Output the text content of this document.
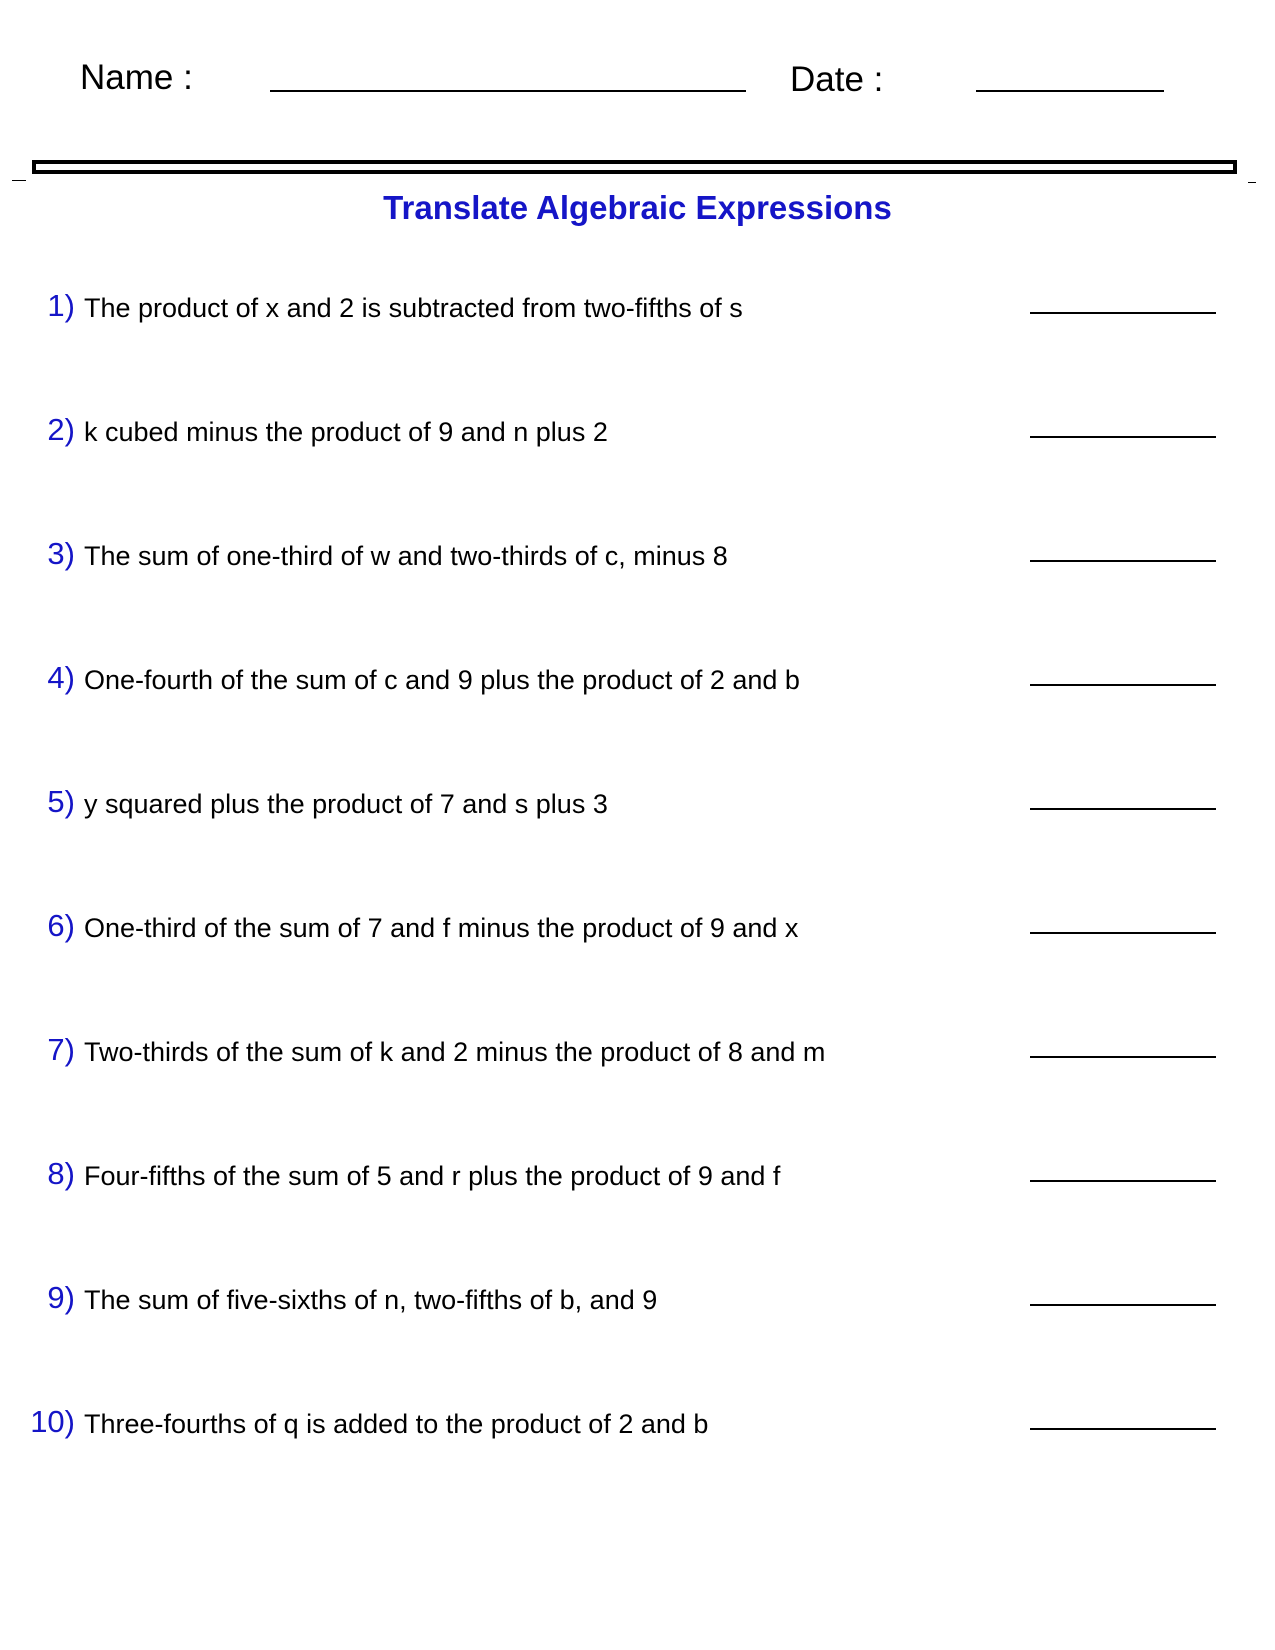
Name :	Date :
Translate Algebraic Expressions
1) The product of x and 2 is subtracted from two-fifths of s
2) k cubed minus the product of 9 and n plus 2
3) The sum of one-third of w and two-thirds of c, minus 8
4) One-fourth of the sum of c and 9 plus the product of 2 and b
5) y squared plus the product of 7 and s plus 3
6) One-third of the sum of 7 and f minus the product of 9 and x
7) Two-thirds of the sum of k and 2 minus the product of 8 and m
8) Four-fifths of the sum of 5 and r plus the product of 9 and f
9) The sum of five-sixths of n, two-fifths of b, and 9
10) Three-fourths of q is added to the product of 2 and b
